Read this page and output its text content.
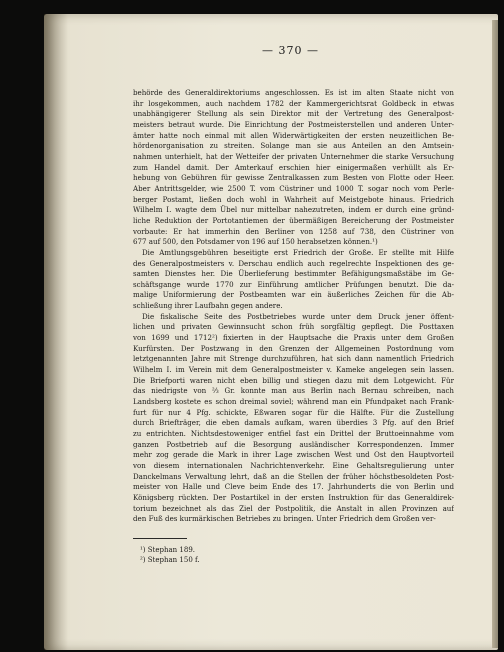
— 370 —
behörde des Generaldirektoriums angeschlossen. Es ist im alten Staate nicht von
ihr losgekommen, auch nachdem 1782 der Kammergerichtsrat Goldbeck in etwas
unabhängigerer Stellung als sein Direktor mit der Vertretung des Generalpost-
meisters betraut wurde. Die Einrichtung der Postmeisterstellen und anderen Unter-
ämter hatte noch einmal mit allen Widerwärtigkeiten der ersten neuzeitlichen Be-
hördenorganisation zu streiten. Solange man sie aus Anteilen an den Amtsein-
nahmen unterhielt, hat der Wetteifer der privaten Unternehmer die starke Versuchung
zum Handel damit. Der Amterkauf erschien hier einigermaßen verhüllt als Er-
hebung von Gebühren für gewisse Zentralkassen zum Besten von Flotte oder Heer.
Aber Antrittsgelder, wie 2500 T. vom Cüstriner und 1000 T. sogar noch vom Perle-
berger Postamt, ließen doch wohl in Wahrheit auf Meistgebote hinaus. Friedrich
Wilhelm I. wagte dem Übel nur mittelbar nahezutreten, indem er durch eine gründ-
liche Reduktion der Portotantiemen der übermäßigen Bereicherung der Postmeister
vorbaute: Er hat immerhin den Berliner von 1258 auf 738, den Cüstriner von
677 auf 500, den Potsdamer von 196 auf 150 herabsetzen können.¹)
Die Amtlungsgebühren beseitigte erst Friedrich der Große. Er stellte mit Hilfe
des Generalpostmeisters v. Derschau endlich auch regelrechte Inspektionen des ge-
samten Dienstes her. Die Überlieferung bestimmter Befähigungsmaßstäbe im Ge-
schäftsgange wurde 1770 zur Einführung amtlicher Prüfungen benutzt. Die da-
malige Uniformierung der Postbeamten war ein äußerliches Zeichen für die Ab-
schließung ihrer Laufbahn gegen andere.
Die fiskalische Seite des Postbetriebes wurde unter dem Druck jener öffent-
lichen und privaten Gewinnsucht schon früh sorgfältig gepflegt. Die Posttaxen
von 1699 und 1712²) fixierten in der Hauptsache die Praxis unter dem Großen
Kurfürsten. Der Postzwang in den Grenzen der Allgemeinen Postordnung vom
letztgenannten Jahre mit Strenge durchzuführen, hat sich dann namentlich Friedrich
Wilhelm I. im Verein mit dem Generalpostmeister v. Kameke angelegen sein lassen.
Die Briefporti waren nicht eben billig und stiegen dazu mit dem Lotgewicht. Für
das niedrigste von ⅔ Gr. konnte man aus Berlin nach Bernau schreiben, nach
Landsberg kostete es schon dreimal soviel; während man ein Pfundpaket nach Frank-
furt für nur 4 Pfg. schickte, Eßwaren sogar für die Hälfte. Für die Zustellung
durch Briefträger, die eben damals aufkam, waren überdies 3 Pfg. auf den Brief
zu entrichten. Nichtsdestoweniger entfiel fast ein Drittel der Bruttoeinnahme vom
ganzen Postbetrieb auf die Besorgung ausländischer Korrespondenzen. Immer
mehr zog gerade die Mark in ihrer Lage zwischen West und Ost den Hauptvorteil
von diesem internationalen Nachrichtenverkehr. Eine Gehaltsregulierung unter
Danckelmans Verwaltung lehrt, daß an die Stellen der früher höchstbesoldeten Post-
meister von Halle und Cleve beim Ende des 17. Jahrhunderts die von Berlin und
Königsberg rückten. Der Postartikel in der ersten Instruktion für das Generaldirek-
torium bezeichnet als das Ziel der Postpolitik, die Anstalt in allen Provinzen auf
den Fuß des kurmärkischen Betriebes zu bringen. Unter Friedrich dem Großen ver-
¹) Stephan 189.
²) Stephan 150 f.
